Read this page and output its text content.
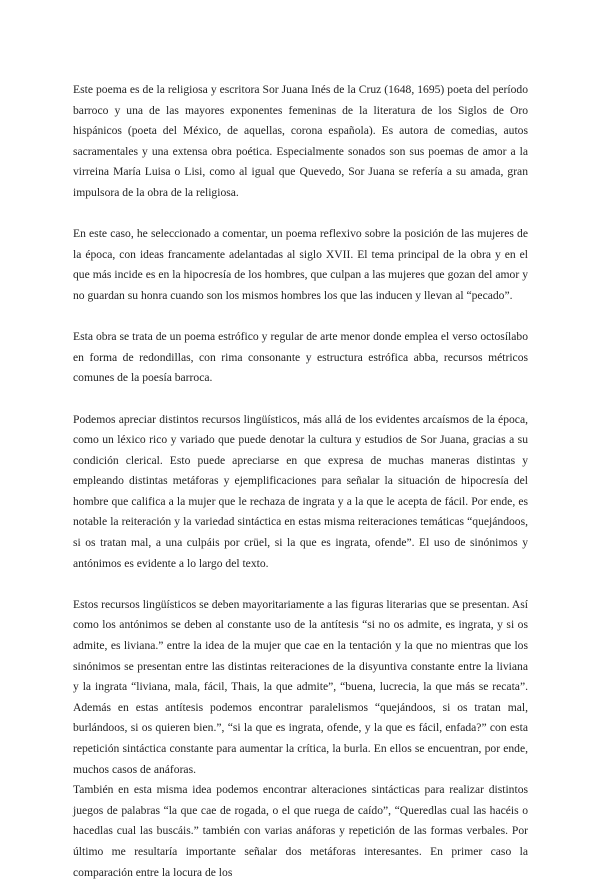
Este poema es de la religiosa y escritora Sor Juana Inés de la Cruz (1648, 1695) poeta del período barroco y una de las mayores exponentes femeninas de la literatura de los Siglos de Oro hispánicos (poeta del México, de aquellas, corona española). Es autora de comedias, autos sacramentales y una extensa obra poética. Especialmente sonados son sus poemas de amor a la virreina María Luisa o Lisi, como al igual que Quevedo, Sor Juana se refería a su amada, gran impulsora de la obra de la religiosa.

En este caso, he seleccionado a comentar, un poema reflexivo sobre la posición de las mujeres de la época, con ideas francamente adelantadas al siglo XVII. El tema principal de la obra y en el que más incide es en la hipocresía de los hombres, que culpan a las mujeres que gozan del amor y no guardan su honra cuando son los mismos hombres los que las inducen y llevan al “pecado”.

Esta obra se trata de un poema estrófico y regular de arte menor donde emplea el verso octosílabo en forma de redondillas, con rima consonante y estructura estrófica abba, recursos métricos comunes de la poesía barroca.

Podemos apreciar distintos recursos lingüísticos, más allá de los evidentes arcaísmos de la época, como un léxico rico y variado que puede denotar la cultura y estudios de Sor Juana, gracias a su condición clerical. Esto puede apreciarse en que expresa de muchas maneras distintas y empleando distintas metáforas y ejemplificaciones para señalar la situación de hipocresía del hombre que califica a la mujer que le rechaza de ingrata y a la que le acepta de fácil. Por ende, es notable la reiteración y la variedad sintáctica en estas misma reiteraciones temáticas “quejándoos, si os tratan mal, a una culpáis por crüel, si la que es ingrata, ofende”. El uso de sinónimos y antónimos es evidente a lo largo del texto.

Estos recursos lingüísticos se deben mayoritariamente a las figuras literarias que se presentan. Así como los antónimos se deben al constante uso de la antítesis “si no os admite, es ingrata, y si os admite, es liviana.” entre la idea de la mujer que cae en la tentación y la que no mientras que los sinónimos se presentan entre las distintas reiteraciones de la disyuntiva constante entre la liviana y la ingrata “liviana, mala, fácil, Thais, la que admite”, “buena, lucrecia, la que más se recata”. Además en estas antítesis podemos encontrar paralelismos “quejándoos, si os tratan mal, burlándoos, si os quieren bien.”, “si la que es ingrata, ofende, y la que es fácil, enfada?” con esta repetición sintáctica constante para aumentar la crítica, la burla. En ellos se encuentran, por ende, muchos casos de anáforas.

También en esta misma idea podemos encontrar alteraciones sintácticas para realizar distintos juegos de palabras “la que cae de rogada, o el que ruega de caído”, “Queredlas cual las hacéis o hacedlas cual las buscáis.” también con varias anáforas y repetición de las formas verbales. Por último me resultaría importante señalar dos metáforas interesantes. En primer caso la comparación entre la locura de los
